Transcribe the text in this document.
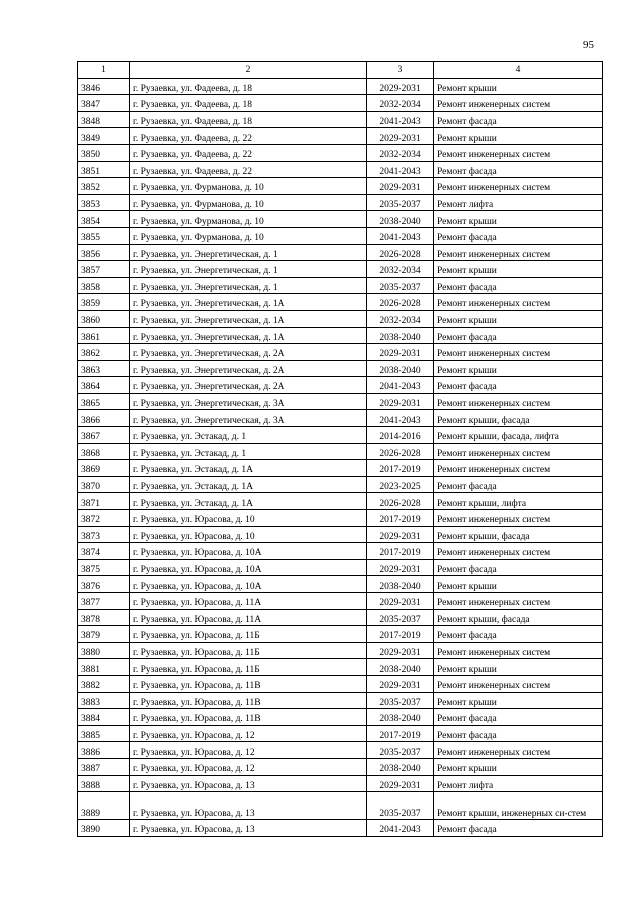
95
1	2	3	4
3846	г. Рузаевка, ул. Фадеева, д. 18	2029-2031	Ремонт крыши
3847	г. Рузаевка, ул. Фадеева, д. 18	2032-2034	Ремонт инженерных систем
3848	г. Рузаевка, ул. Фадеева, д. 18	2041-2043	Ремонт фасада
3849	г. Рузаевка, ул. Фадеева, д. 22	2029-2031	Ремонт крыши
3850	г. Рузаевка, ул. Фадеева, д. 22	2032-2034	Ремонт инженерных систем
3851	г. Рузаевка, ул. Фадеева, д. 22	2041-2043	Ремонт фасада
3852	г. Рузаевка, ул. Фурманова, д. 10	2029-2031	Ремонт инженерных систем
3853	г. Рузаевка, ул. Фурманова, д. 10	2035-2037	Ремонт лифта
3854	г. Рузаевка, ул. Фурманова, д. 10	2038-2040	Ремонт крыши
3855	г. Рузаевка, ул. Фурманова, д. 10	2041-2043	Ремонт фасада
3856	г. Рузаевка, ул. Энергетическая, д. 1	2026-2028	Ремонт инженерных систем
3857	г. Рузаевка, ул. Энергетическая, д. 1	2032-2034	Ремонт крыши
3858	г. Рузаевка, ул. Энергетическая, д. 1	2035-2037	Ремонт фасада
3859	г. Рузаевка, ул. Энергетическая, д. 1А	2026-2028	Ремонт инженерных систем
3860	г. Рузаевка, ул. Энергетическая, д. 1А	2032-2034	Ремонт крыши
3861	г. Рузаевка, ул. Энергетическая, д. 1А	2038-2040	Ремонт фасада
3862	г. Рузаевка, ул. Энергетическая, д. 2А	2029-2031	Ремонт инженерных систем
3863	г. Рузаевка, ул. Энергетическая, д. 2А	2038-2040	Ремонт крыши
3864	г. Рузаевка, ул. Энергетическая, д. 2А	2041-2043	Ремонт фасада
3865	г. Рузаевка, ул. Энергетическая, д. 3А	2029-2031	Ремонт инженерных систем
3866	г. Рузаевка, ул. Энергетическая, д. 3А	2041-2043	Ремонт крыши, фасада
3867	г. Рузаевка, ул. Эстакад, д. 1	2014-2016	Ремонт крыши, фасада, лифта
3868	г. Рузаевка, ул. Эстакад, д. 1	2026-2028	Ремонт инженерных систем
3869	г. Рузаевка, ул. Эстакад, д. 1А	2017-2019	Ремонт инженерных систем
3870	г. Рузаевка, ул. Эстакад, д. 1А	2023-2025	Ремонт фасада
3871	г. Рузаевка, ул. Эстакад, д. 1А	2026-2028	Ремонт крыши, лифта
3872	г. Рузаевка, ул. Юрасова, д. 10	2017-2019	Ремонт инженерных систем
3873	г. Рузаевка, ул. Юрасова, д. 10	2029-2031	Ремонт крыши, фасада
3874	г. Рузаевка, ул. Юрасова, д. 10А	2017-2019	Ремонт инженерных систем
3875	г. Рузаевка, ул. Юрасова, д. 10А	2029-2031	Ремонт фасада
3876	г. Рузаевка, ул. Юрасова, д. 10А	2038-2040	Ремонт крыши
3877	г. Рузаевка, ул. Юрасова, д. 11А	2029-2031	Ремонт инженерных систем
3878	г. Рузаевка, ул. Юрасова, д. 11А	2035-2037	Ремонт крыши, фасада
3879	г. Рузаевка, ул. Юрасова, д. 11Б	2017-2019	Ремонт фасада
3880	г. Рузаевка, ул. Юрасова, д. 11Б	2029-2031	Ремонт инженерных систем
3881	г. Рузаевка, ул. Юрасова, д. 11Б	2038-2040	Ремонт крыши
3882	г. Рузаевка, ул. Юрасова, д. 11В	2029-2031	Ремонт инженерных систем
3883	г. Рузаевка, ул. Юрасова, д. 11В	2035-2037	Ремонт крыши
3884	г. Рузаевка, ул. Юрасова, д. 11В	2038-2040	Ремонт фасада
3885	г. Рузаевка, ул. Юрасова, д. 12	2017-2019	Ремонт фасада
3886	г. Рузаевка, ул. Юрасова, д. 12	2035-2037	Ремонт инженерных систем
3887	г. Рузаевка, ул. Юрасова, д. 12	2038-2040	Ремонт крыши
3888	г. Рузаевка, ул. Юрасова, д. 13	2029-2031	Ремонт лифта
3889	г. Рузаевка, ул. Юрасова, д. 13	2035-2037	Ремонт крыши, инженерных си-стем
3890	г. Рузаевка, ул. Юрасова, д. 13	2041-2043	Ремонт фасада
